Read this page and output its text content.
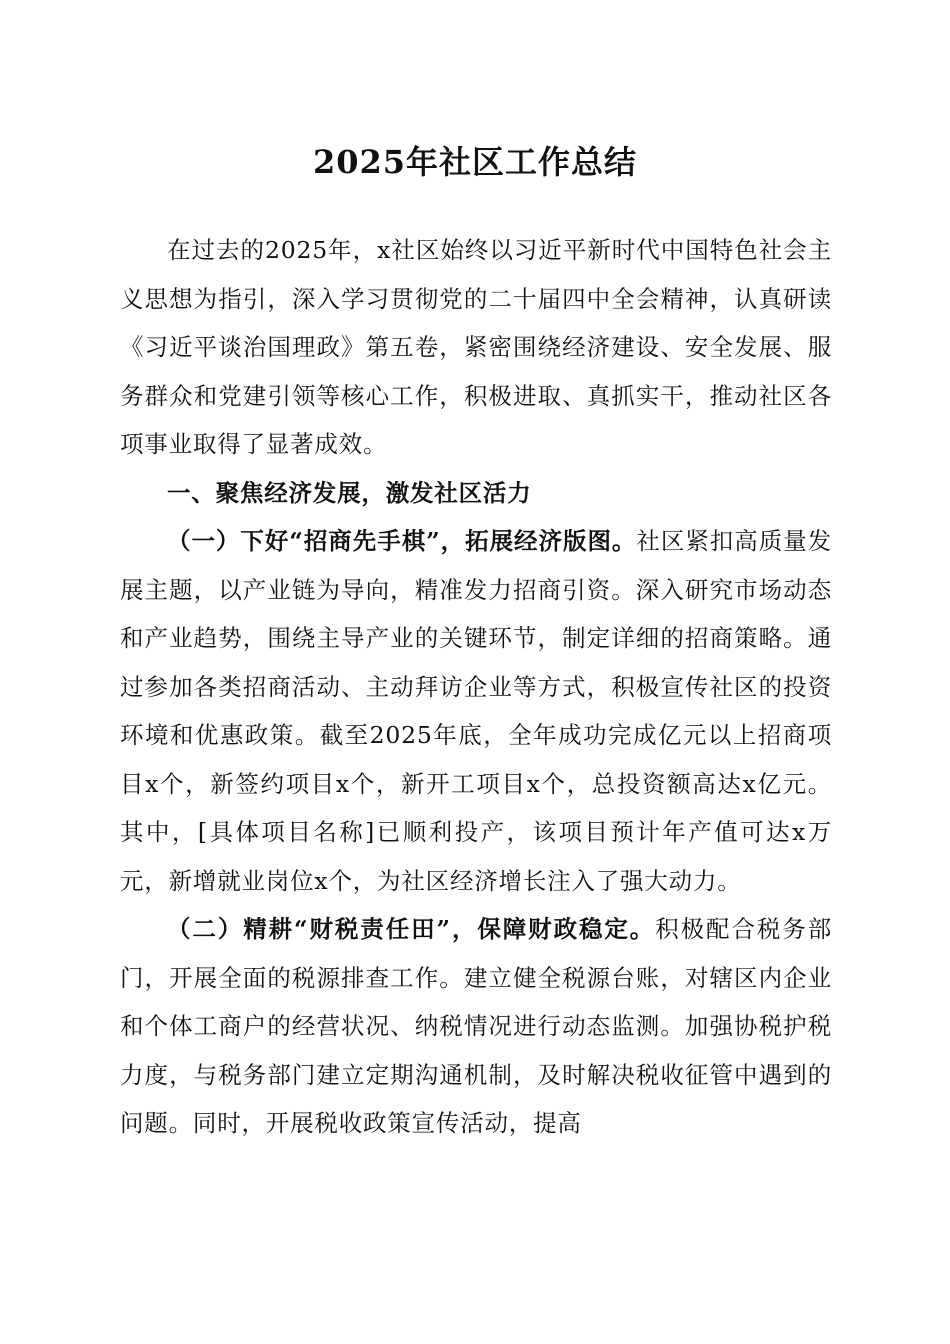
2025年社区工作总结

在过去的2025年，x社区始终以习近平新时代中国特色社会主义思想为指引，深入学习贯彻党的二十届四中全会精神，认真研读《习近平谈治国理政》第五卷，紧密围绕经济建设、安全发展、服务群众和党建引领等核心工作，积极进取、真抓实干，推动社区各项事业取得了显著成效。

一、聚焦经济发展，激发社区活力

（一）下好“招商先手棋”，拓展经济版图。社区紧扣高质量发展主题，以产业链为导向，精准发力招商引资。深入研究市场动态和产业趋势，围绕主导产业的关键环节，制定详细的招商策略。通过参加各类招商活动、主动拜访企业等方式，积极宣传社区的投资环境和优惠政策。截至2025年底，全年成功完成亿元以上招商项目x个，新签约项目x个，新开工项目x个，总投资额高达x亿元。其中，[具体项目名称]已顺利投产，该项目预计年产值可达x万元，新增就业岗位x个，为社区经济增长注入了强大动力。

（二）精耕“财税责任田”，保障财政稳定。积极配合税务部门，开展全面的税源排查工作。建立健全税源台账，对辖区内企业和个体工商户的经营状况、纳税情况进行动态监测。加强协税护税力度，与税务部门建立定期沟通机制，及时解决税收征管中遇到的问题。同时，开展税收政策宣传活动，提高
